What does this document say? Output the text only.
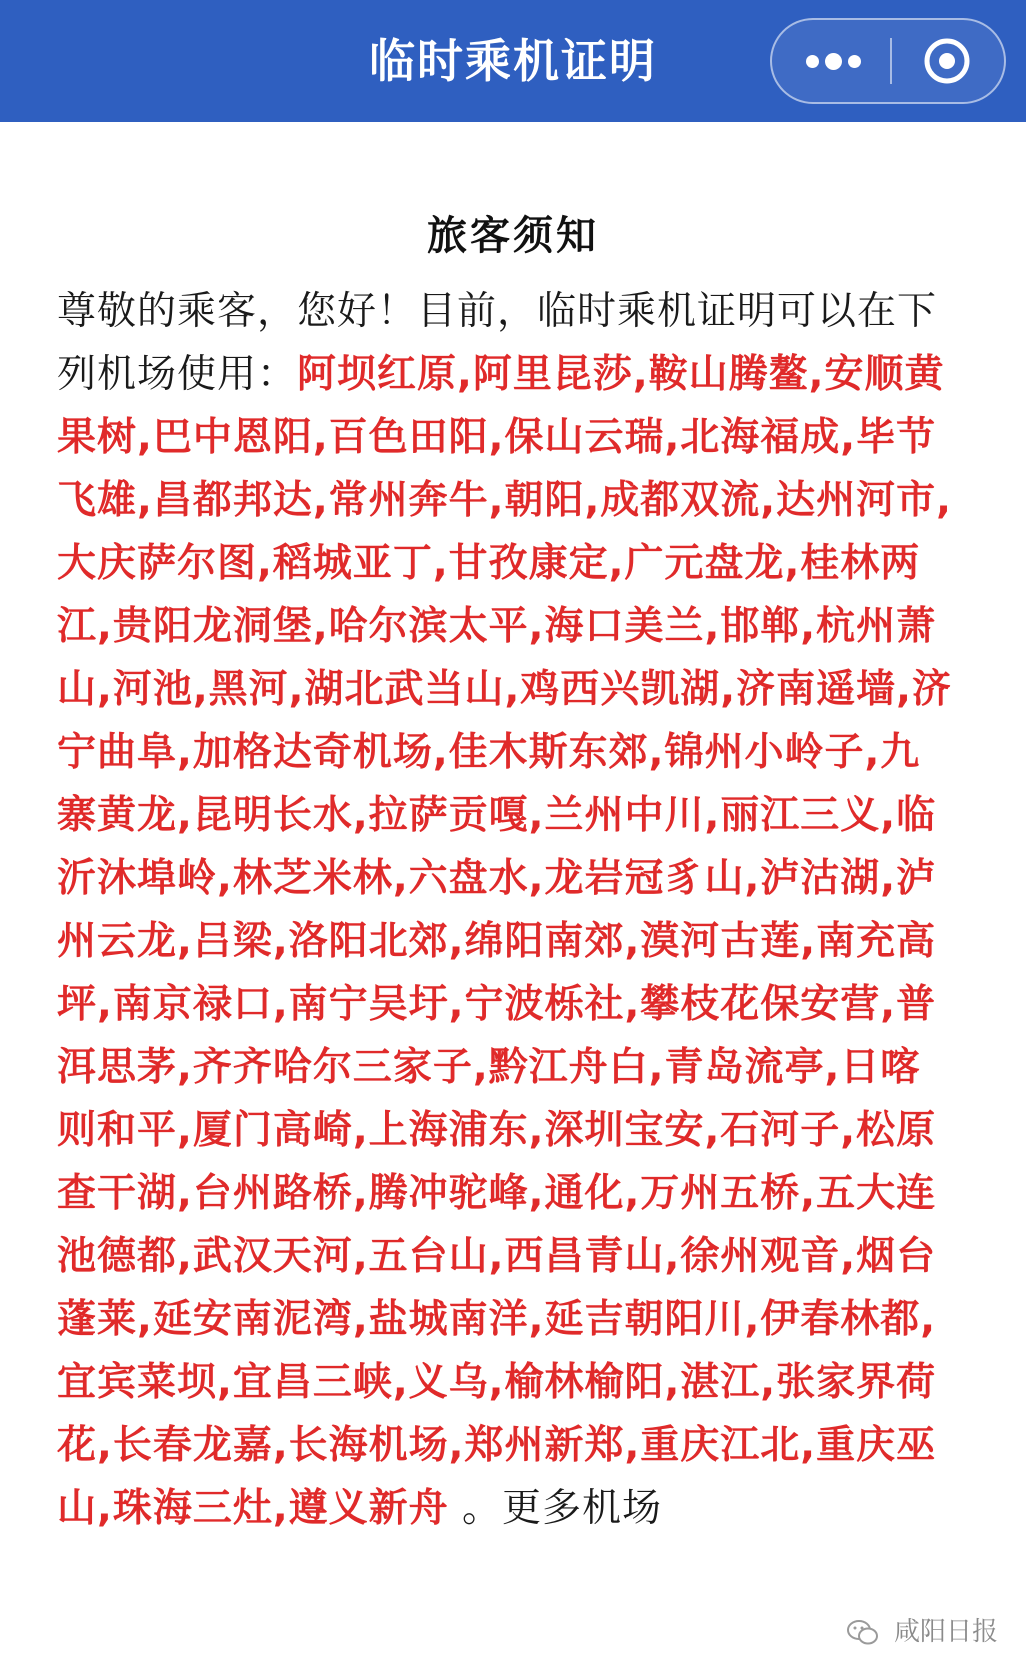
临时乘机证明
旅客须知
尊敬的乘客，您好！目前，临时乘机证明可以在下列机场使用：阿坝红原,阿里昆莎,鞍山腾鳌,安顺黄果树,巴中恩阳,百色田阳,保山云瑞,北海福成,毕节飞雄,昌都邦达,常州奔牛,朝阳,成都双流,达州河市,大庆萨尔图,稻城亚丁,甘孜康定,广元盘龙,桂林两江,贵阳龙洞堡,哈尔滨太平,海口美兰,邯郸,杭州萧山,河池,黑河,湖北武当山,鸡西兴凯湖,济南遥墙,济宁曲阜,加格达奇机场,佳木斯东郊,锦州小岭子,九寨黄龙,昆明长水,拉萨贡嘎,兰州中川,丽江三义,临沂沐埠岭,林芝米林,六盘水,龙岩冠豸山,泸沽湖,泸州云龙,吕梁,洛阳北郊,绵阳南郊,漠河古莲,南充高坪,南京禄口,南宁吴圩,宁波栎社,攀枝花保安营,普洱思茅,齐齐哈尔三家子,黔江舟白,青岛流亭,日喀则和平,厦门高崎,上海浦东,深圳宝安,石河子,松原查干湖,台州路桥,腾冲驼峰,通化,万州五桥,五大连池德都,武汉天河,五台山,西昌青山,徐州观音,烟台蓬莱,延安南泥湾,盐城南洋,延吉朝阳川,伊春林都,宜宾菜坝,宜昌三峡,义乌,榆林榆阳,湛江,张家界荷花,长春龙嘉,长海机场,郑州新郑,重庆江北,重庆巫山,珠海三灶,遵义新舟 。更多机场
咸阳日报
